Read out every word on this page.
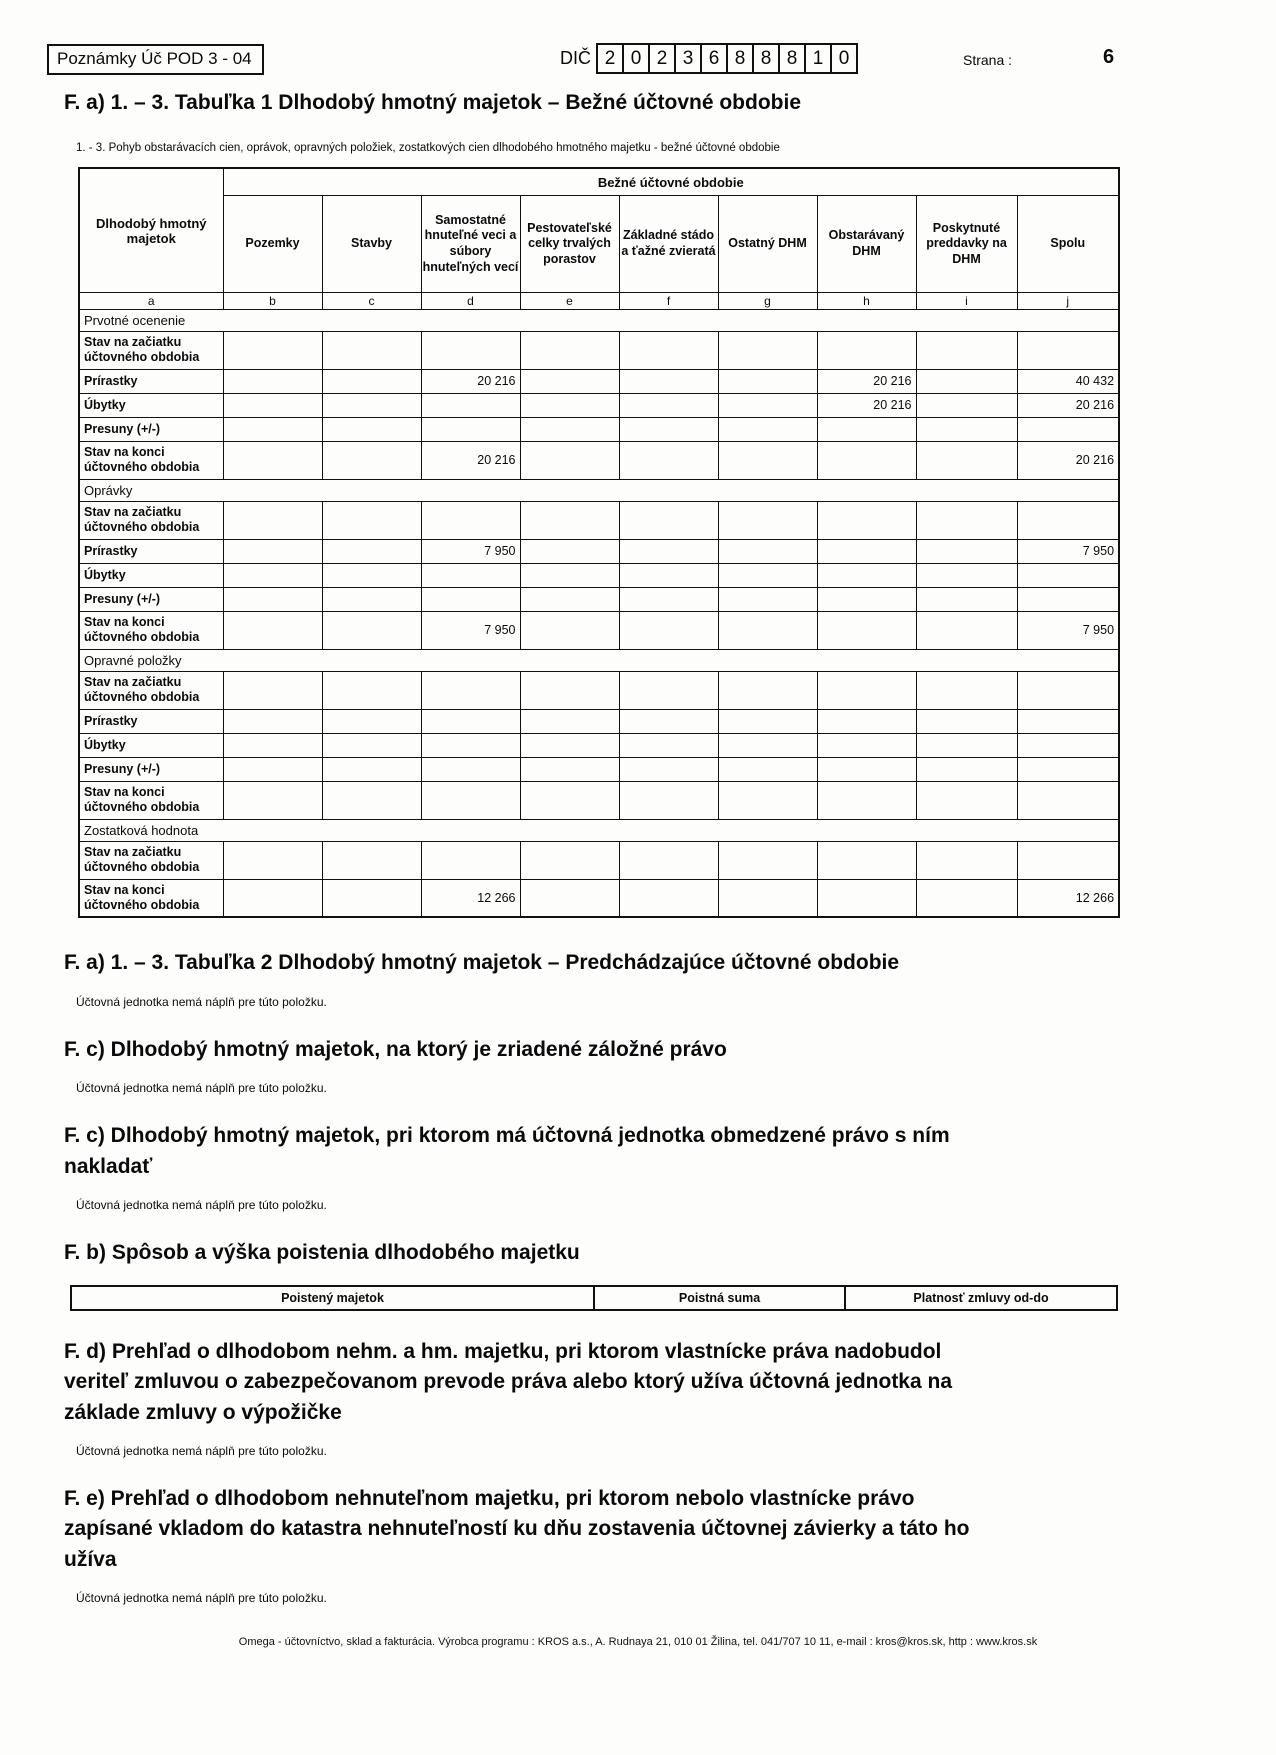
Poznámky Úč POD 3 - 04	DIČ 2 0 2 3 6 8 8 8 1 0	Strana :	6
F. a) 1. – 3. Tabuľka 1 Dlhodobý hmotný majetok – Bežné účtovné obdobie
1. - 3. Pohyb obstarávacích cien, oprávok, opravných položiek, zostatkových cien dlhodobého hmotného majetku - bežné účtovné obdobie
Dlhodobý hmotný majetok	Bežné účtovné obdobie								
	Pozemky	Stavby	Samostatné hnuteľné veci a súbory hnuteľných vecí	Pestovateľské celky trvalých porastov	Základné stádo a ťažné zvieratá	Ostatný DHM	Obstarávaný DHM	Poskytnuté preddavky na DHM	Spolu
a	b	c	d	e	f	g	h	i	j
Prvotné ocenenie									
Stav na začiatku účtovného obdobia									
Prírastky			20 216				20 216		40 432
Úbytky							20 216		20 216
Presuny (+/-)									
Stav na konci účtovného obdobia			20 216						20 216
Oprávky									
Stav na začiatku účtovného obdobia									
Prírastky			7 950						7 950
Úbytky									
Presuny (+/-)									
Stav na konci účtovného obdobia			7 950						7 950
Opravné položky									
Stav na začiatku účtovného obdobia									
Prírastky									
Úbytky									
Presuny (+/-)									
Stav na konci účtovného obdobia									
Zostatková hodnota									
Stav na začiatku účtovného obdobia									
Stav na konci účtovného obdobia			12 266						12 266
F. a) 1. – 3. Tabuľka 2 Dlhodobý hmotný majetok – Predchádzajúce účtovné obdobie
Účtovná jednotka nemá náplň pre túto položku.
F. c) Dlhodobý hmotný majetok, na ktorý je zriadené záložné právo
Účtovná jednotka nemá náplň pre túto položku.
F. c) Dlhodobý hmotný majetok, pri ktorom má účtovná jednotka obmedzené právo s ním nakladať
Účtovná jednotka nemá náplň pre túto položku.
F. b) Spôsob a výška poistenia dlhodobého majetku
Poistený majetok	Poistná suma	Platnosť zmluvy od-do
F. d) Prehľad o dlhodobom nehm. a hm. majetku, pri ktorom vlastnícke práva nadobudol veriteľ zmluvou o zabezpečovanom prevode práva alebo ktorý užíva účtovná jednotka na základe zmluvy o výpožičke
Účtovná jednotka nemá náplň pre túto položku.
F. e) Prehľad o dlhodobom nehnuteľnom majetku, pri ktorom nebolo vlastnícke právo zapísané vkladom do katastra nehnuteľností ku dňu zostavenia účtovnej závierky a táto ho užíva
Účtovná jednotka nemá náplň pre túto položku.
Omega - účtovníctvo, sklad a fakturácia. Výrobca programu : KROS a.s., A. Rudnaya 21, 010 01 Žilina, tel. 041/707 10 11, e-mail : kros@kros.sk, http : www.kros.sk
